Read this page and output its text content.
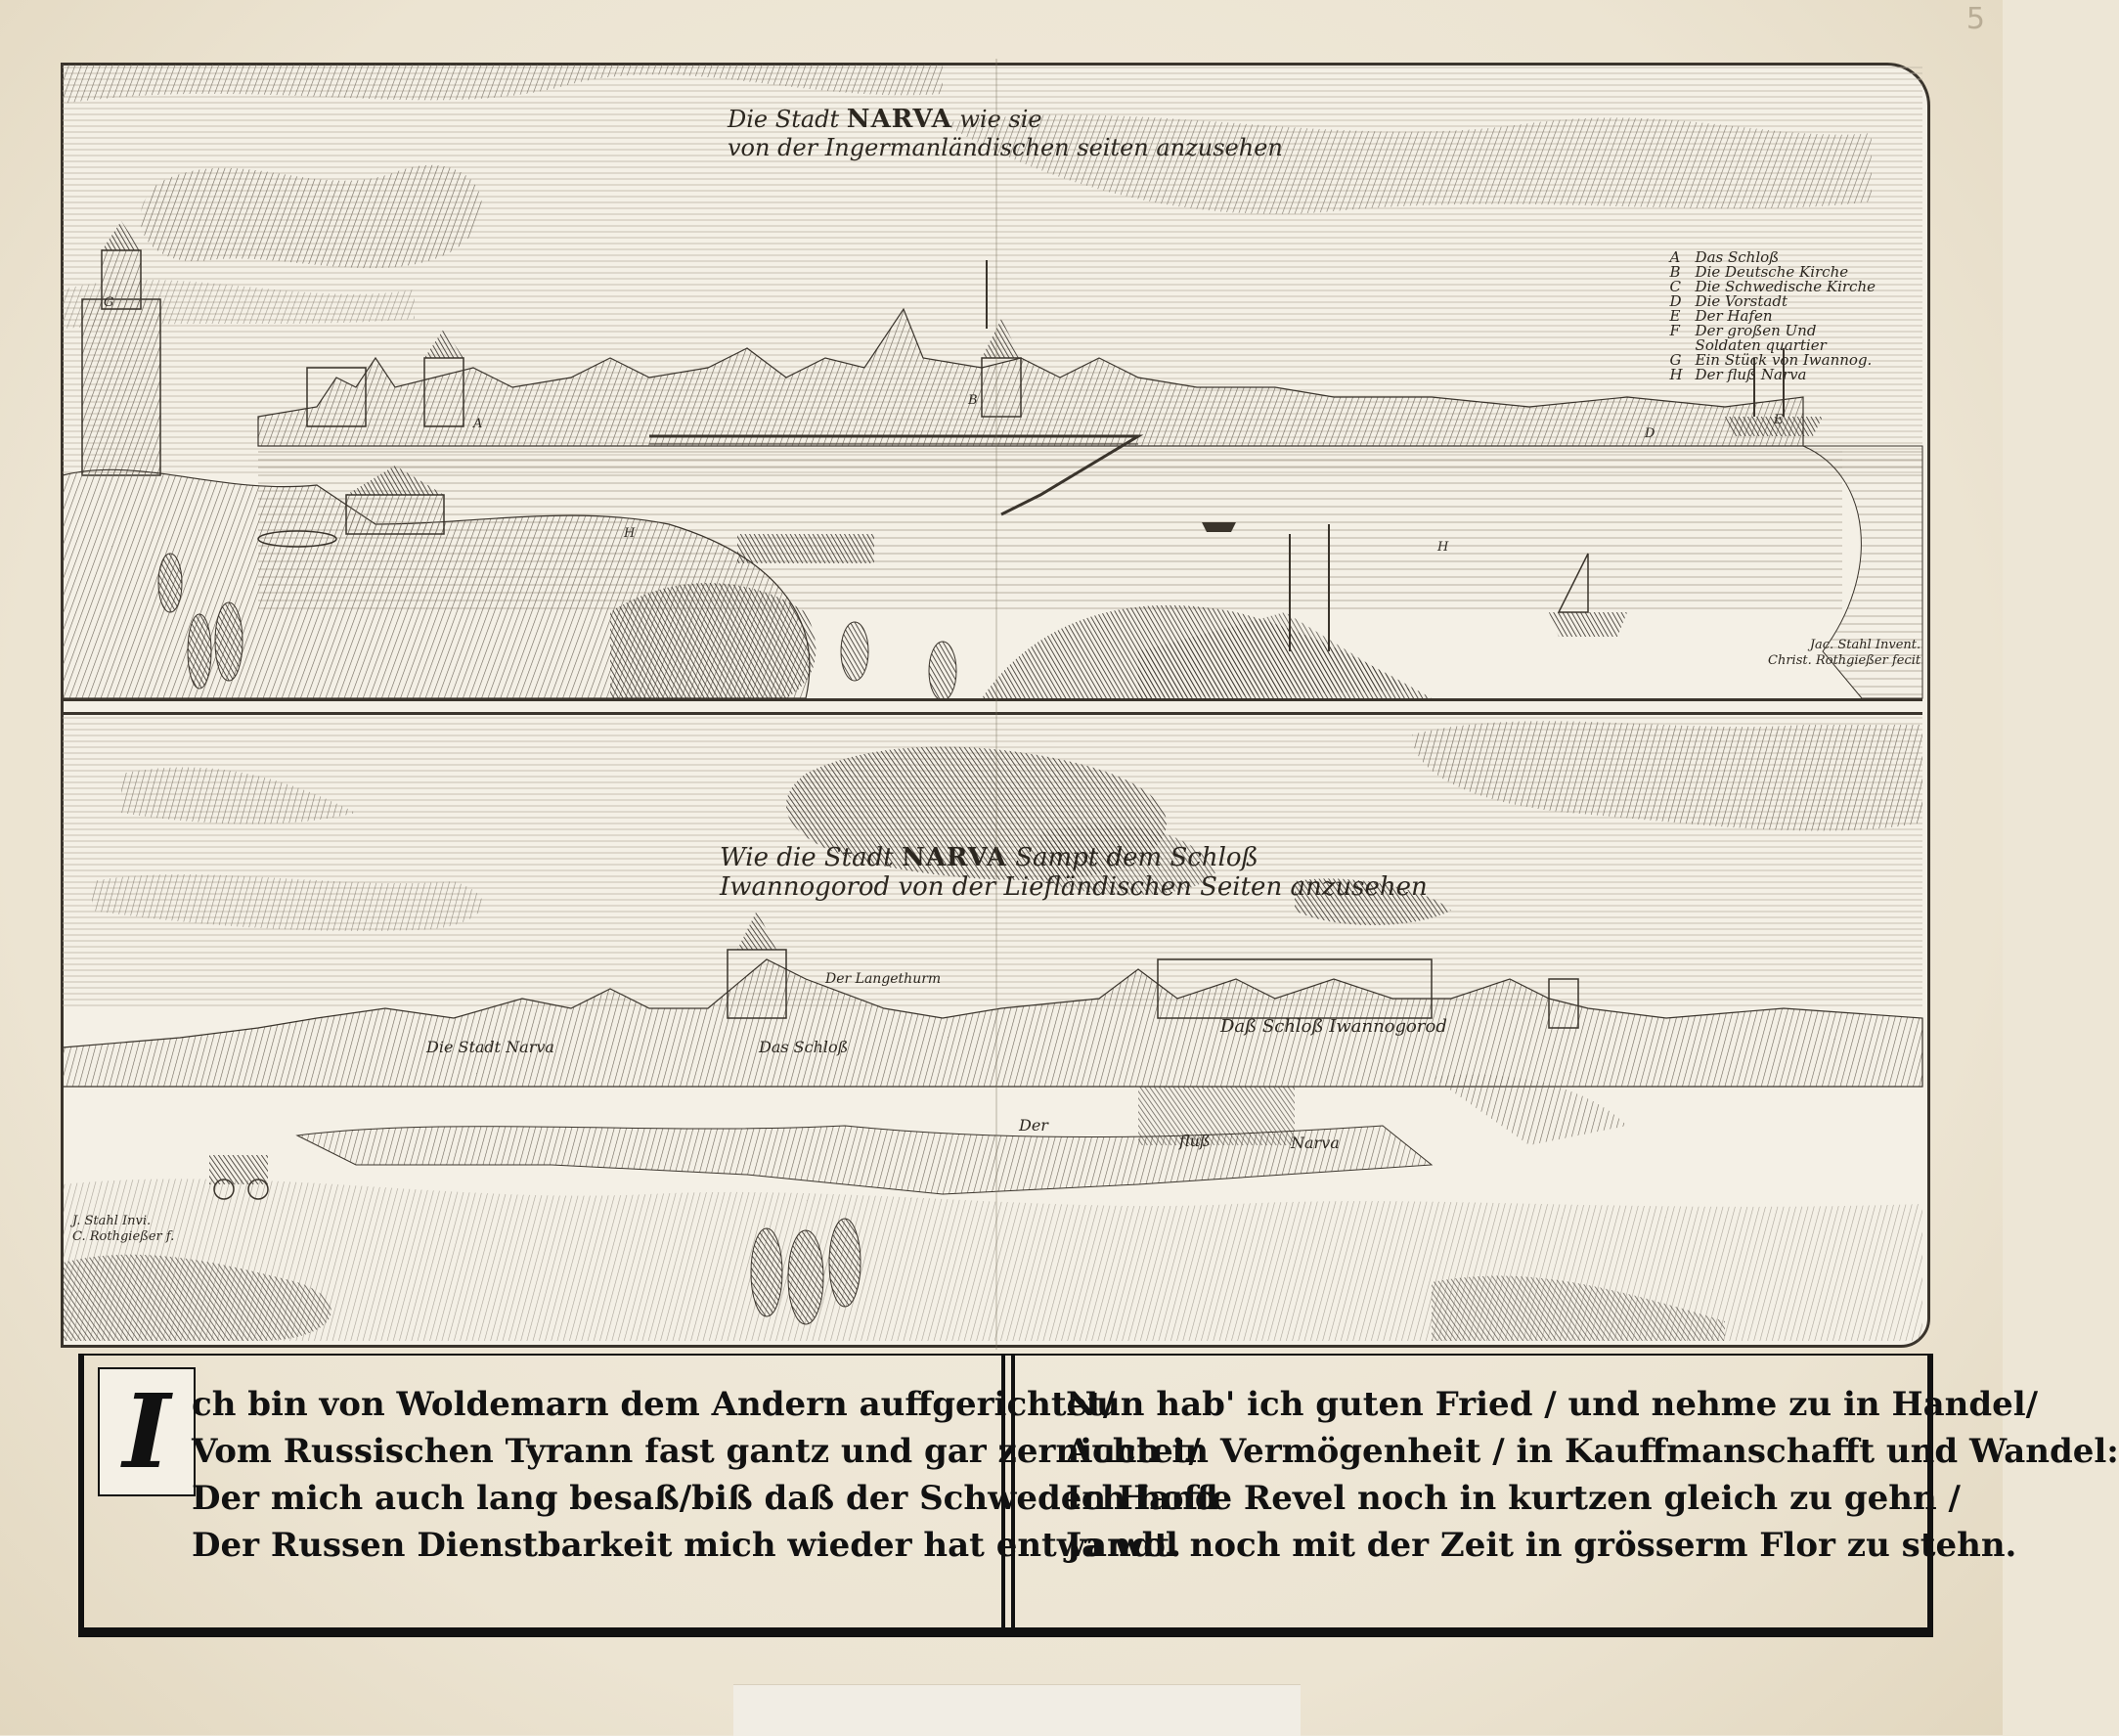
5
Die Stadt NARVA wie sie
von der Ingermanländischen seiten anzusehen
A Das Schloß
B Die Deutsche Kirche
C Die Schwedische Kirche
D Die Vorstadt
E Der Hafen
F Der großen Und
Soldaten quartier
G Ein Stück von Iwannog.
H Der fluß Narva
G
A
B
D
E
H
H
Jac. Stahl Invent.
Christ. Rothgießer fecit
Wie die Stadt NARVA Sampt dem Schloß
Iwannogorod von der Liefländischen Seiten anzusehen
Der Langethurm
Die Stadt Narva	Das Schloß
Daß Schloß Iwannogorod
Der
fluß	Narva
J. Stahl Invi.
C. Rothgießer f.
I ch bin von Woldemarn dem Andern auffgerichtet/
Vom Russischen Tyrann fast gantz und gar zernichtet/
Der mich auch lang besaß/biß daß der Schweden Hand
Der Russen Dienstbarkeit mich wieder hat entwandt.
Nun hab' ich guten Fried / und nehme zu in Handel/
Auch in Vermögenheit / in Kauffmanschafft und Wandel:
Ich hoffe Revel noch in kurtzen gleich zu gehn /
Ja wol noch mit der Zeit in grösserm Flor zu stehn.
